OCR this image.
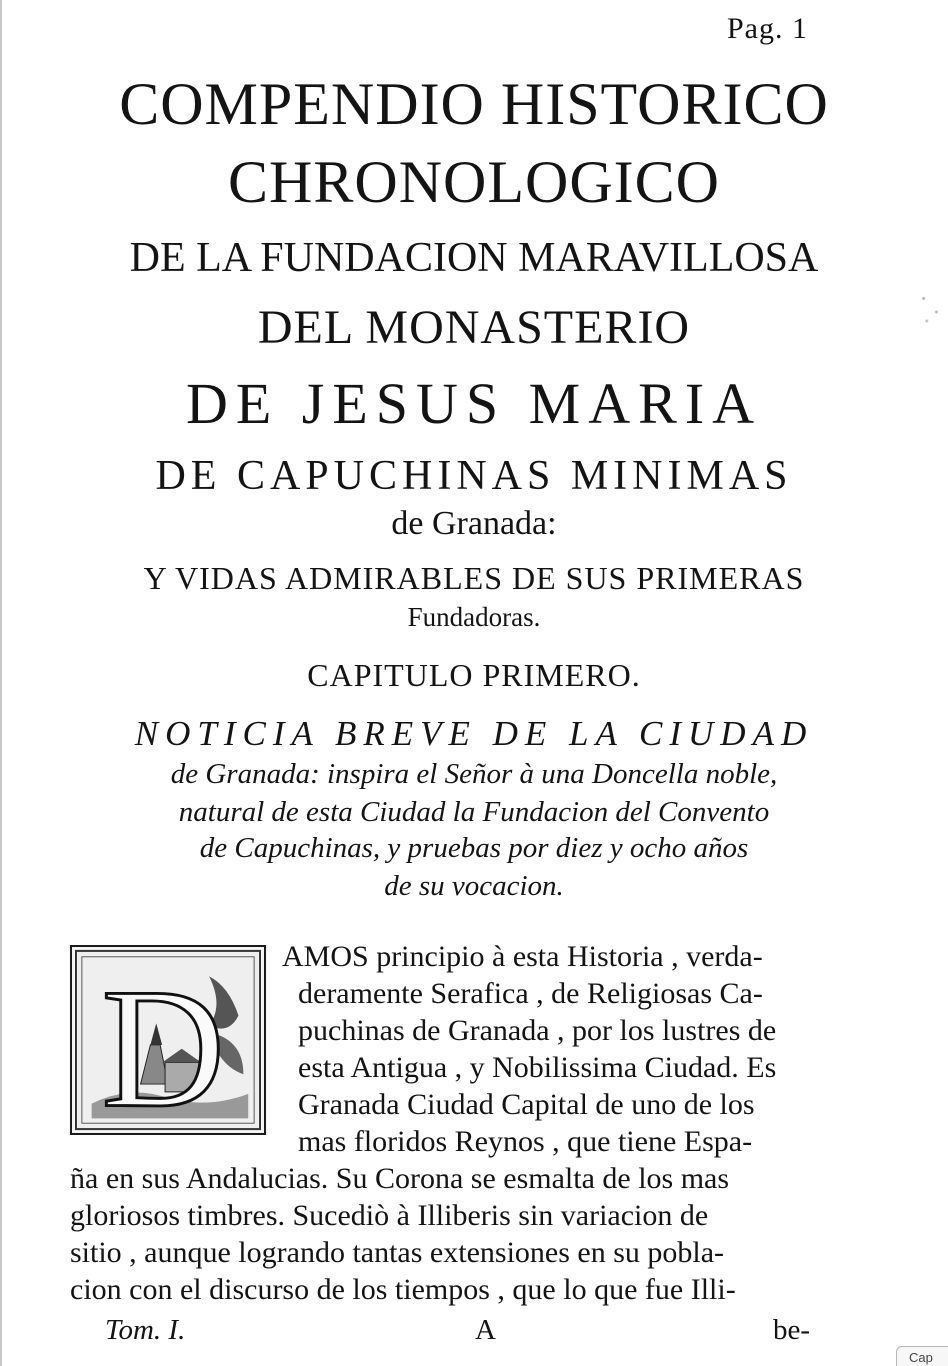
Pag. 1
COMPENDIO HISTORICO
CHRONOLOGICO
DE LA FUNDACION MARAVILLOSA
DEL MONASTERIO
DE JESUS MARIA
DE CAPUCHINAS MINIMAS
de Granada:
Y VIDAS ADMIRABLES DE SUS PRIMERAS
Fundadoras.
CAPITULO PRIMERO.
NOTICIA BREVE DE LA CIUDAD
de Granada: inspira el Señor à una Doncella noble,
natural de esta Ciudad la Fundacion del Convento
de Capuchinas, y pruebas por diez y ocho años
de su vocacion.
D AMOS principio à esta Historia , verda-
deramente Serafica , de Religiosas Ca-
puchinas de Granada , por los lustres de
esta Antigua , y Nobilissima Ciudad. Es
Granada Ciudad Capital de uno de los
mas floridos Reynos , que tiene Espa-
ña en sus Andalucias. Su Corona se esmalta de los mas
gloriosos timbres. Sucediò à Illiberis sin variacion de
sitio , aunque logrando tantas extensiones en su pobla-
cion con el discurso de los tiempos , que lo que fue Illi-
Tom. I.	A	be-
Cap
